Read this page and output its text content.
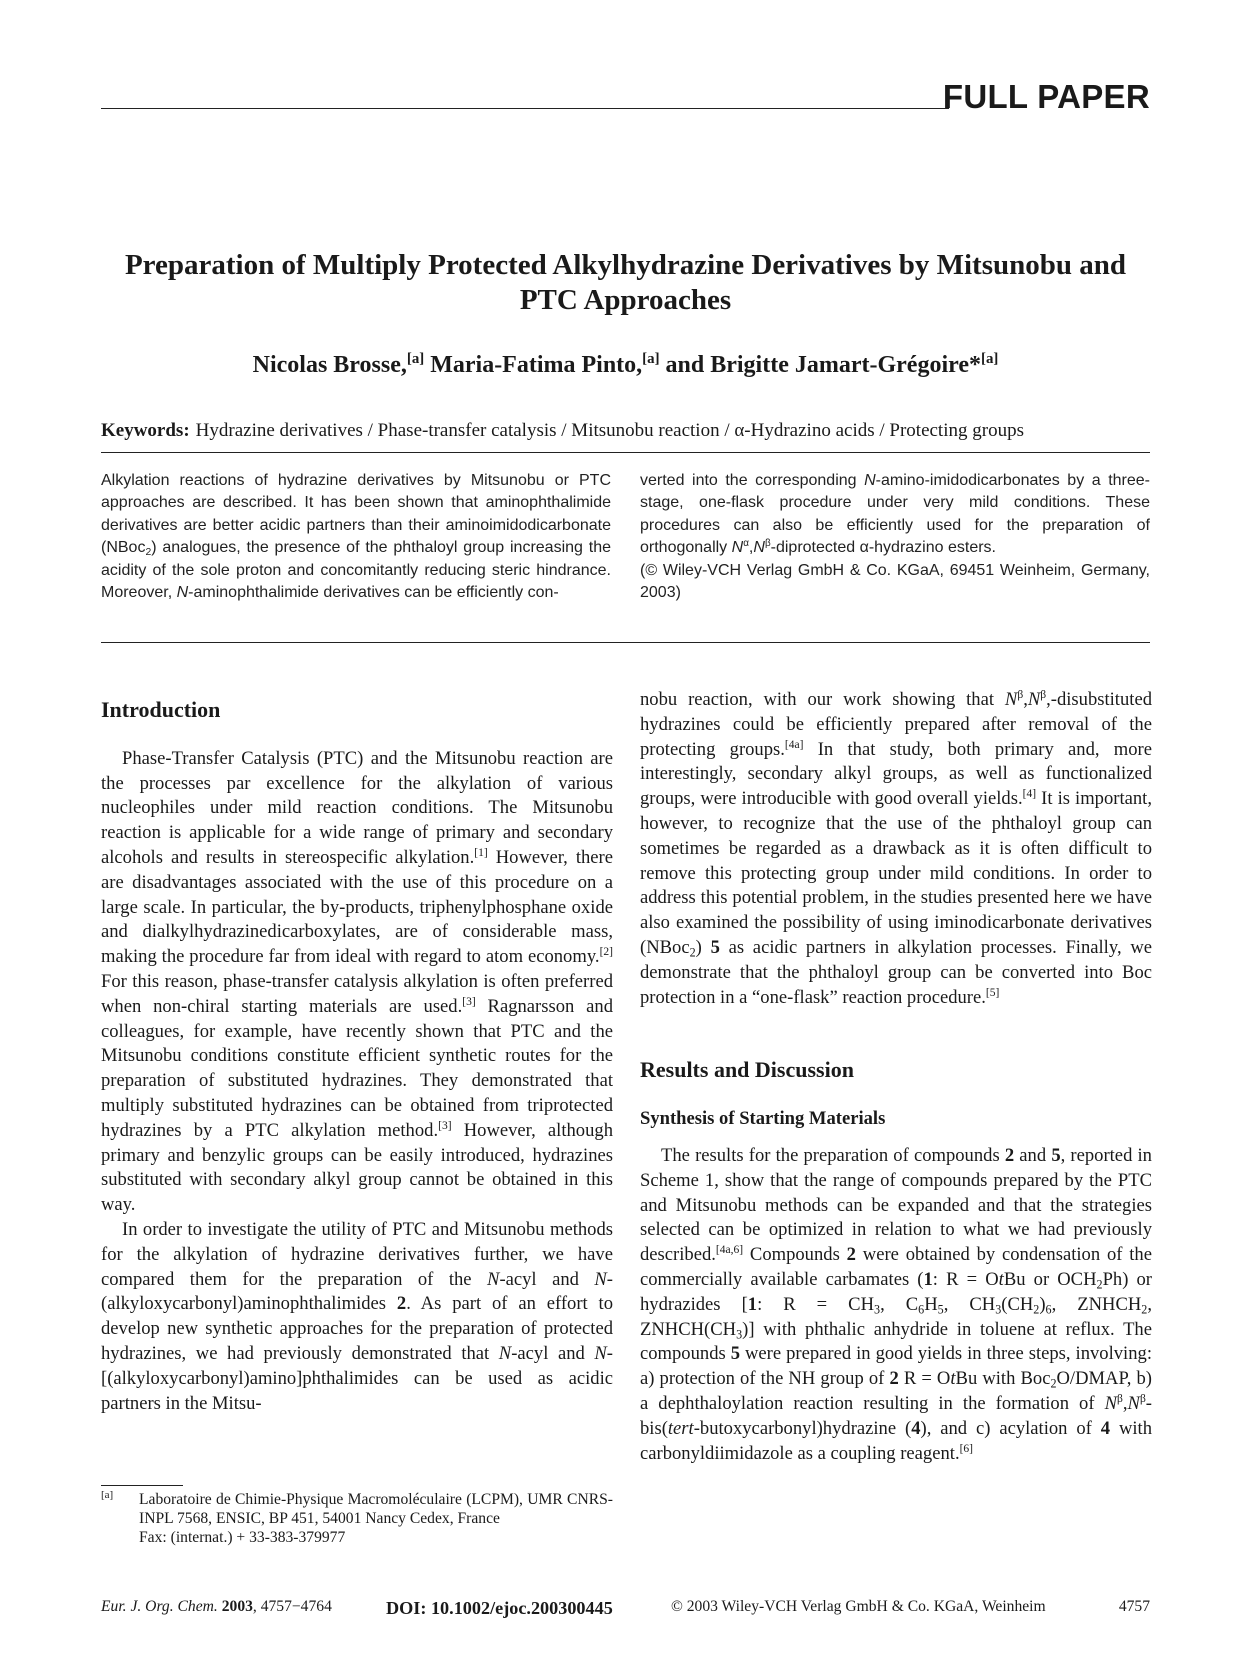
FULL PAPER
Preparation of Multiply Protected Alkylhydrazine Derivatives by Mitsunobu and PTC Approaches
Nicolas Brosse,[a] Maria-Fatima Pinto,[a] and Brigitte Jamart-Grégoire*[a]
Keywords: Hydrazine derivatives / Phase-transfer catalysis / Mitsunobu reaction / α-Hydrazino acids / Protecting groups

Alkylation reactions of hydrazine derivatives by Mitsunobu or PTC approaches are described. It has been shown that aminophthalimide derivatives are better acidic partners than their aminoimidodicarbonate (NBoc$_2$) analogues, the presence of the phthaloyl group increasing the acidity of the sole proton and concomitantly reducing steric hindrance. Moreover, N-aminophthalimide derivatives can be efficiently con-

verted into the corresponding N-amino-imidodicarbonates by a three-stage, one-flask procedure under very mild conditions. These procedures can also be efficiently used for the preparation of orthogonally $N^\alpha,N^\beta$-diprotected α-hydrazino esters.

(© Wiley-VCH Verlag GmbH & Co. KGaA, 69451 Weinheim, Germany, 2003)

Introduction

Phase-Transfer Catalysis (PTC) and the Mitsunobu reaction are the processes par excellence for the alkylation of various nucleophiles under mild reaction conditions. The Mitsunobu reaction is applicable for a wide range of primary and secondary alcohols and results in stereospecific alkylation.[1] However, there are disadvantages associated with the use of this procedure on a large scale. In particular, the by-products, triphenylphosphane oxide and dialkylhydrazinedicarboxylates, are of considerable mass, making the procedure far from ideal with regard to atom economy.[2] For this reason, phase-transfer catalysis alkylation is often preferred when non-chiral starting materials are used.[3] Ragnarsson and colleagues, for example, have recently shown that PTC and the Mitsunobu conditions constitute efficient synthetic routes for the preparation of substituted hydrazines. They demonstrated that multiply substituted hydrazines can be obtained from triprotected hydrazines by a PTC alkylation method.[3] However, although primary and benzylic groups can be easily introduced, hydrazines substituted with secondary alkyl group cannot be obtained in this way.

In order to investigate the utility of PTC and Mitsunobu methods for the alkylation of hydrazine derivatives further, we have compared them for the preparation of the N-acyl and N-(alkyloxycarbonyl)aminophthalimides 2. As part of an effort to develop new synthetic approaches for the preparation of protected hydrazines, we had previously demonstrated that N-acyl and N-[(alkyloxycarbonyl)amino]phthalimides can be used as acidic partners in the Mitsu-

nobu reaction, with our work showing that $N^\beta,N^\beta$,-disubstituted hydrazines could be efficiently prepared after removal of the protecting groups.[4a] In that study, both primary and, more interestingly, secondary alkyl groups, as well as functionalized groups, were introducible with good overall yields.[4] It is important, however, to recognize that the use of the phthaloyl group can sometimes be regarded as a drawback as it is often difficult to remove this protecting group under mild conditions. In order to address this potential problem, in the studies presented here we have also examined the possibility of using iminodicarbonate derivatives (NBoc$_2$) 5 as acidic partners in alkylation processes. Finally, we demonstrate that the phthaloyl group can be converted into Boc protection in a “one-flask” reaction procedure.[5]

Results and Discussion
Synthesis of Starting Materials

The results for the preparation of compounds 2 and 5, reported in Scheme 1, show that the range of compounds prepared by the PTC and Mitsunobu methods can be expanded and that the strategies selected can be optimized in relation to what we had previously described.[4a,6] Compounds 2 were obtained by condensation of the commercially available carbamates (1: R = OtBu or $OCH_2Ph$) or hydrazides [1: $R = CH_3$, $C_6H_5$, $CH_3(CH_2)_6$, $ZNHCH_2$, $ZNHCH(CH_3)$] with phthalic anhydride in toluene at reflux. The compounds 5 were prepared in good yields in three steps, involving: a) protection of the NH group of 2 R = OtBu with Boc$_2$O/DMAP, b) a dephthaloylation reaction resulting in the formation of $N^\beta,N^\beta-bis(tert-butoxycarbonyl)hydrazine$ (4), and c) acylation of 4 with carbonyldiimidazole as a coupling reagent.[6]

[a] Laboratoire de Chimie-Physique Macromoléculaire (LCPM), UMR CNRS-INPL 7568, ENSIC, BP 451, 54001 Nancy Cedex, France
Fax: (internat.) + 33-383-379977
Eur. J. Org. Chem. 2003 , 4757−4764	DOI: 10.1002/ejoc.200300445	© 2003 Wiley-VCH Verlag GmbH & Co. KGaA, Weinheim	4757
